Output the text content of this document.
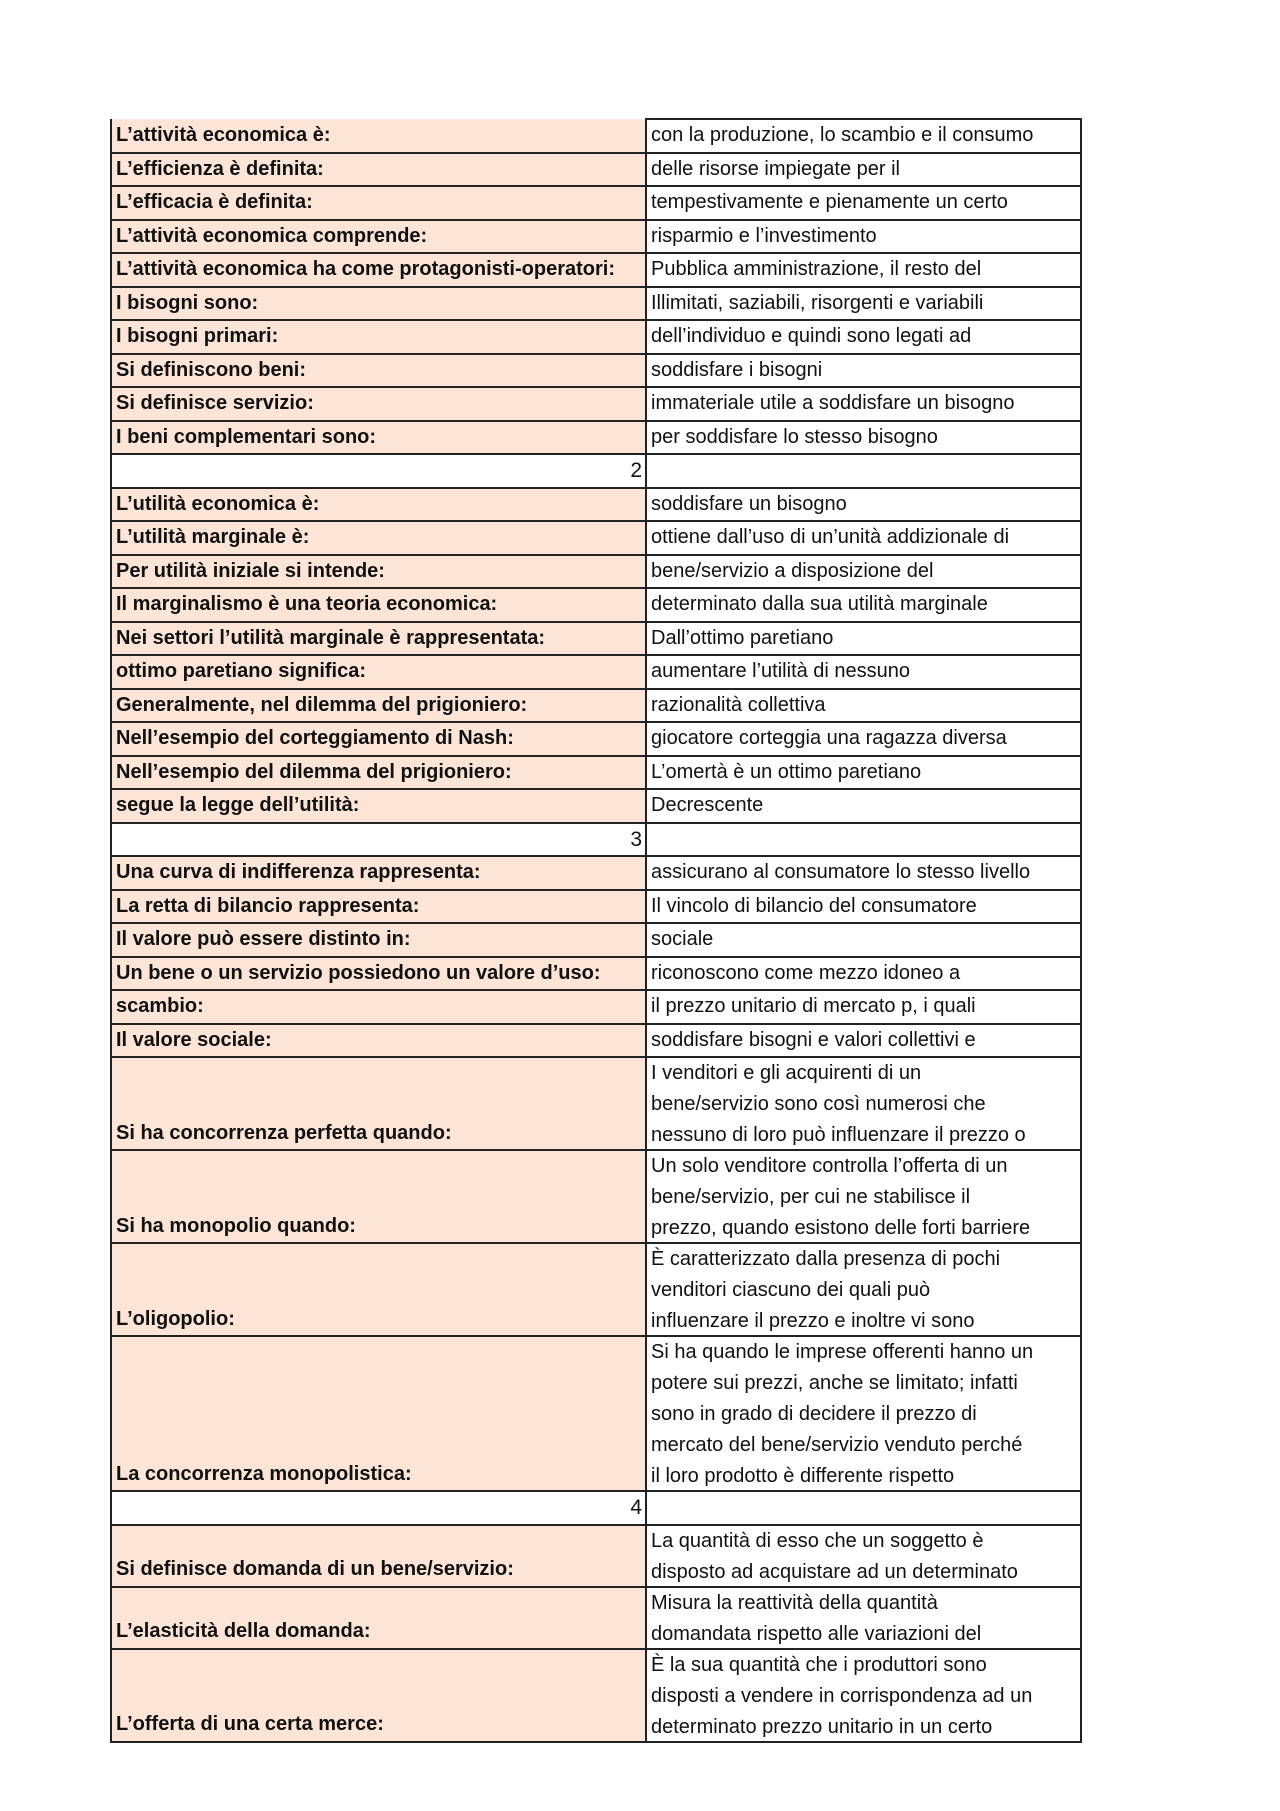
L’attività economica è:	con la produzione, lo scambio e il consumo
L’efficienza è definita:	delle risorse impiegate per il
L’efficacia è definita:	tempestivamente e pienamente un certo
L’attività economica comprende:	risparmio e l’investimento
L’attività economica ha come protagonisti-operatori:	Pubblica amministrazione, il resto del
I bisogni sono:	Illimitati, saziabili, risorgenti e variabili
I bisogni primari:	dell’individuo e quindi sono legati ad
Si definiscono beni:	soddisfare i bisogni
Si definisce servizio:	immateriale utile a soddisfare un bisogno
I beni complementari sono:	per soddisfare lo stesso bisogno
2	
L’utilità economica è:	soddisfare un bisogno
L’utilità marginale è:	ottiene dall’uso di un’unità addizionale di
Per utilità iniziale si intende:	bene/servizio a disposizione del
Il marginalismo è una teoria economica:	determinato dalla sua utilità marginale
Nei settori l’utilità marginale è rappresentata:	Dall’ottimo paretiano
ottimo paretiano significa:	aumentare l’utilità di nessuno
Generalmente, nel dilemma del prigioniero:	razionalità collettiva
Nell’esempio del corteggiamento di Nash:	giocatore corteggia una ragazza diversa
Nell’esempio del dilemma del prigioniero:	L’omertà è un ottimo paretiano
segue la legge dell’utilità:	Decrescente
3	
Una curva di indifferenza rappresenta:	assicurano al consumatore lo stesso livello
La retta di bilancio rappresenta:	Il vincolo di bilancio del consumatore
Il valore può essere distinto in:	sociale
Un bene o un servizio possiedono un valore d’uso:	riconoscono come mezzo idoneo a
scambio:	il prezzo unitario di mercato p, i quali
Il valore sociale:	soddisfare bisogni e valori collettivi e
Si ha concorrenza perfetta quando:	I venditori e gli acquirenti di un
bene/servizio sono così numerosi che
nessuno di loro può influenzare il prezzo o

Si ha monopolio quando:	Un solo venditore controlla l’offerta di un
bene/servizio, per cui ne stabilisce il
prezzo, quando esistono delle forti barriere

L’oligopolio:	È caratterizzato dalla presenza di pochi
venditori ciascuno dei quali può
influenzare il prezzo e inoltre vi sono

La concorrenza monopolistica:	Si ha quando le imprese offerenti hanno un
potere sui prezzi, anche se limitato; infatti
sono in grado di decidere il prezzo di
mercato del bene/servizio venduto perché
il loro prodotto è differente rispetto

4	
Si definisce domanda di un bene/servizio:	La quantità di esso che un soggetto è
disposto ad acquistare ad un determinato

L’elasticità della domanda:	Misura la reattività della quantità
domandata rispetto alle variazioni del

L’offerta di una certa merce:	È la sua quantità che i produttori sono
disposti a vendere in corrispondenza ad un
determinato prezzo unitario in un certo
